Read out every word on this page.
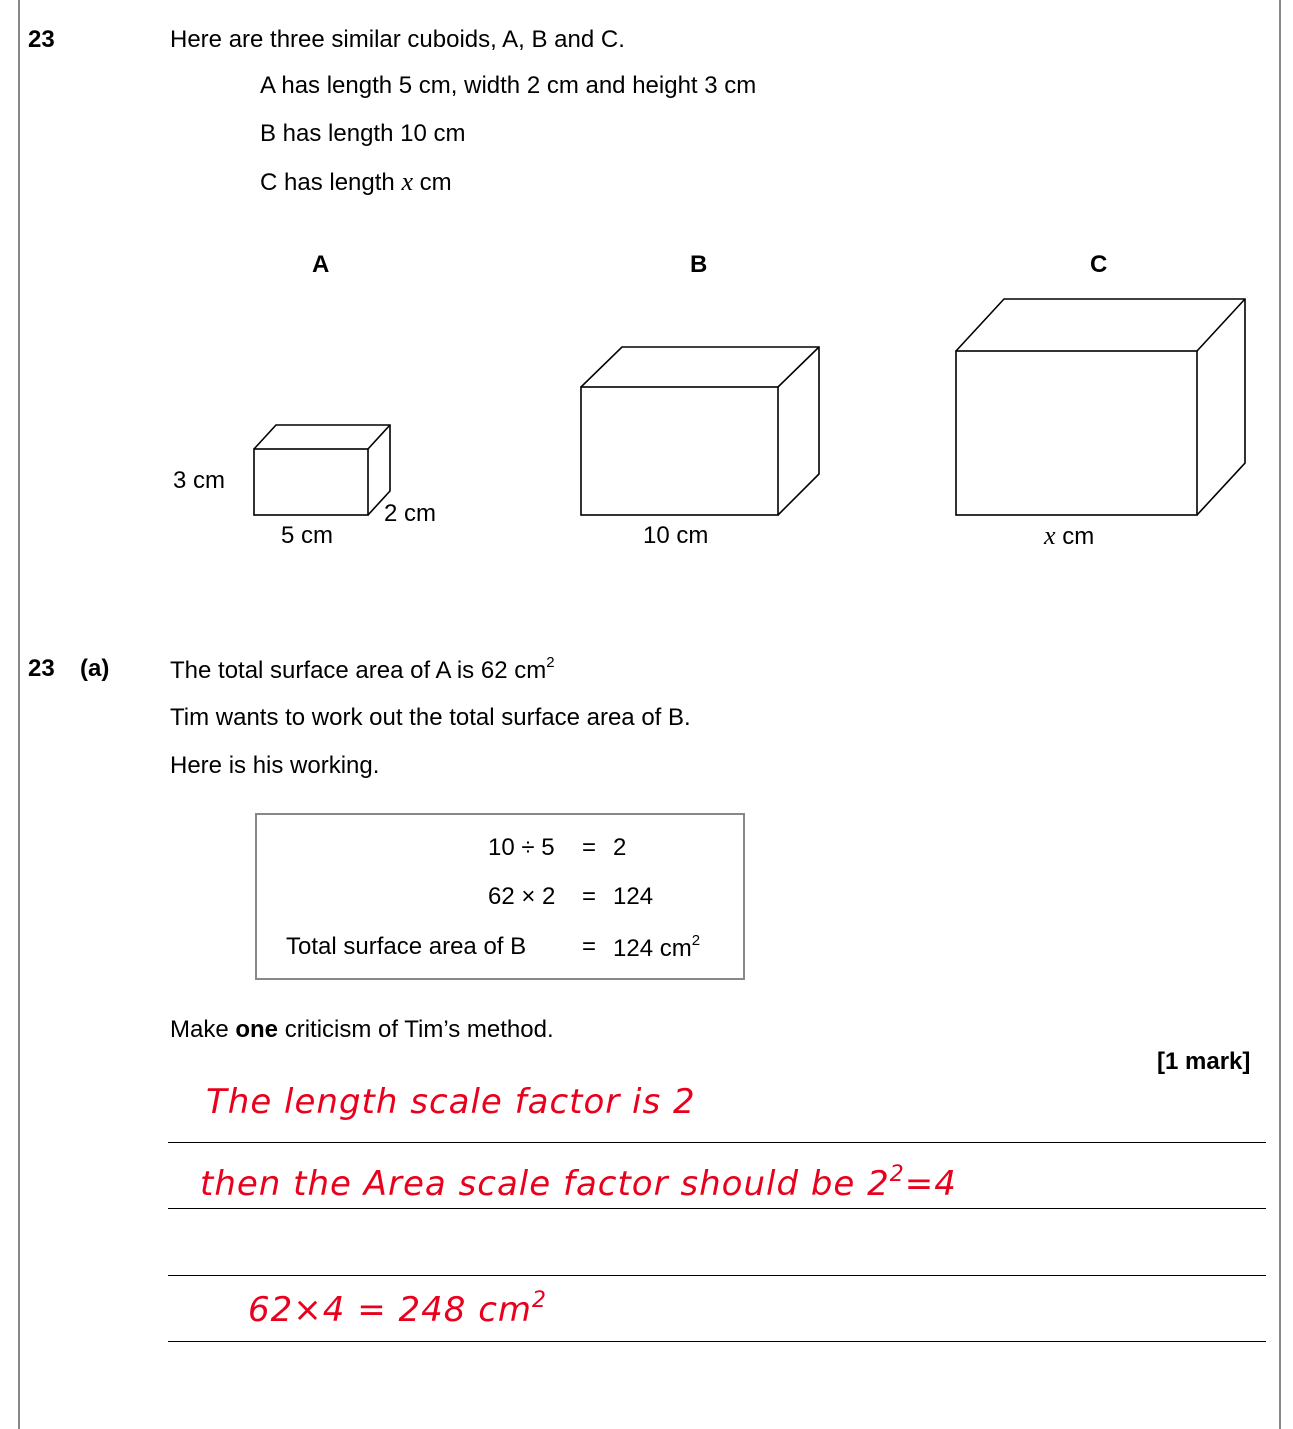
23	Here are three similar cuboids, A, B and C.
A has length 5 cm, width 2 cm and height 3 cm
B has length 10 cm
C has length x cm
A	B	C
3 cm
5 cm
2 cm
10 cm	x cm
23 (a)	The total surface area of A is 62 $cm^2$
Tim wants to work out the total surface area of B.
Here is his working.
10 ÷ 5 = 2
62 × 2 = 124
Total surface area of B = 124 $cm^2$
Make one criticism of Tim’s method.
[1 mark]
The length scale factor is 2
then the Area scale factor should be $2^2=4$
62×4 = 248 $cm^2$
